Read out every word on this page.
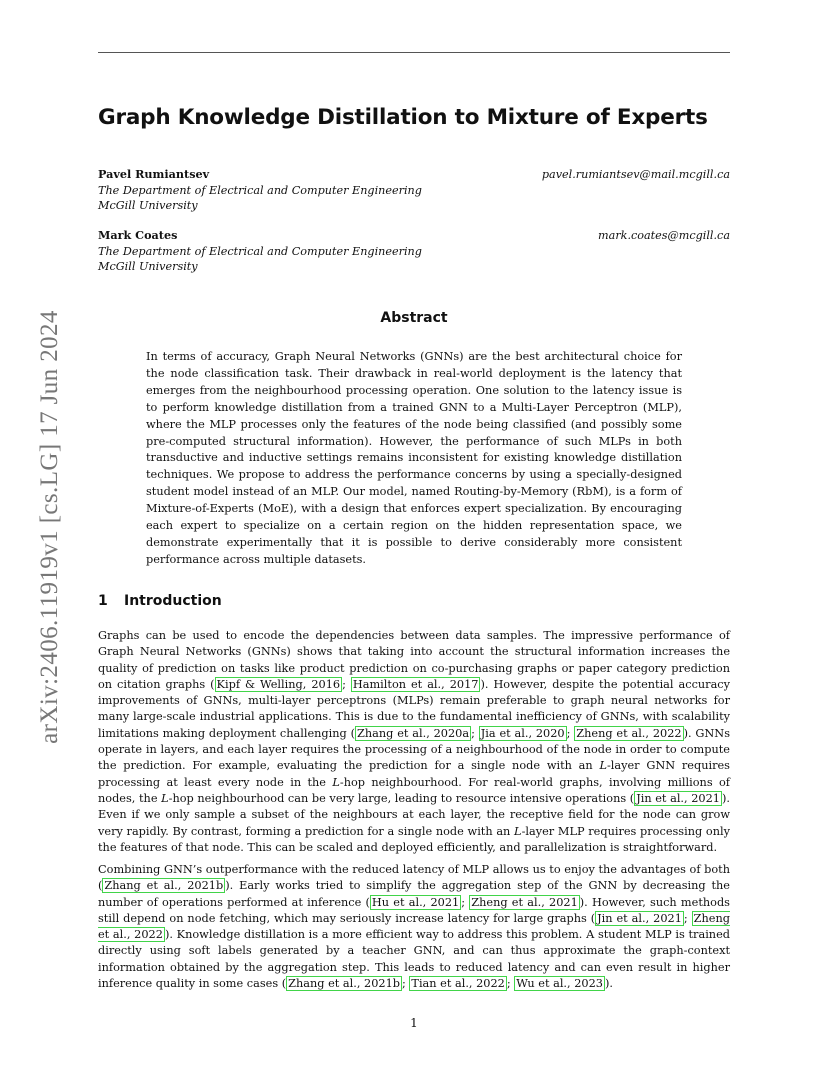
arXiv:2406.11919v1 [cs.LG] 17 Jun 2024
Graph Knowledge Distillation to Mixture of Experts
Pavel Rumiantsev	pavel.rumiantsev@mail.mcgill.ca
The Department of Electrical and Computer Engineering
McGill University
Mark Coates	mark.coates@mcgill.ca
The Department of Electrical and Computer Engineering
McGill University
Abstract
In terms of accuracy, Graph Neural Networks (GNNs) are the best architectural choice for the node classification task. Their drawback in real-world deployment is the latency that emerges from the neighbourhood processing operation. One solution to the latency issue is to perform knowledge distillation from a trained GNN to a Multi-Layer Perceptron (MLP), where the MLP processes only the features of the node being classified (and possibly some pre-computed structural information). However, the performance of such MLPs in both transductive and inductive settings remains inconsistent for existing knowledge distillation techniques. We propose to address the performance concerns by using a specially-designed student model instead of an MLP. Our model, named Routing-by-Memory (RbM), is a form of Mixture-of-Experts (MoE), with a design that enforces expert specialization. By encouraging each expert to specialize on a certain region on the hidden representation space, we demonstrate experimentally that it is possible to derive considerably more consistent performance across multiple datasets.
1 Introduction
Graphs can be used to encode the dependencies between data samples. The impressive performance of Graph Neural Networks (GNNs) shows that taking into account the structural information increases the quality of prediction on tasks like product prediction on co-purchasing graphs or paper category prediction on citation graphs ( Kipf & Welling, 2016 ; Hamilton et al., 2017 ). However, despite the potential accuracy improvements of GNNs, multi-layer perceptrons (MLPs) remain preferable to graph neural networks for many large-scale industrial applications. This is due to the fundamental inefficiency of GNNs, with scalability limitations making deployment challenging ( Zhang et al., 2020a ; Jia et al., 2020 ; Zheng et al., 2022 ). GNNs operate in layers, and each layer requires the processing of a neighbourhood of the node in order to compute the prediction. For example, evaluating the prediction for a single node with an L-layer GNN requires processing at least every node in the L-hop neighbourhood. For real-world graphs, involving millions of nodes, the L-hop neighbourhood can be very large, leading to resource intensive operations ( Jin et al., 2021 ). Even if we only sample a subset of the neighbours at each layer, the receptive field for the node can grow very rapidly. By contrast, forming a prediction for a single node with an L-layer MLP requires processing only the features of that node. This can be scaled and deployed efficiently, and parallelization is straightforward.
Combining GNN’s outperformance with the reduced latency of MLP allows us to enjoy the advantages of both ( Zhang et al., 2021b ). Early works tried to simplify the aggregation step of the GNN by decreasing the number of operations performed at inference ( Hu et al., 2021 ; Zheng et al., 2021 ). However, such methods still depend on node fetching, which may seriously increase latency for large graphs ( Jin et al., 2021 ; Zheng et al., 2022 ). Knowledge distillation is a more efficient way to address this problem. A student MLP is trained directly using soft labels generated by a teacher GNN, and can thus approximate the graph-context information obtained by the aggregation step. This leads to reduced latency and can even result in higher inference quality in some cases ( Zhang et al., 2021b ; Tian et al., 2022 ; Wu et al., 2023 ).
1
